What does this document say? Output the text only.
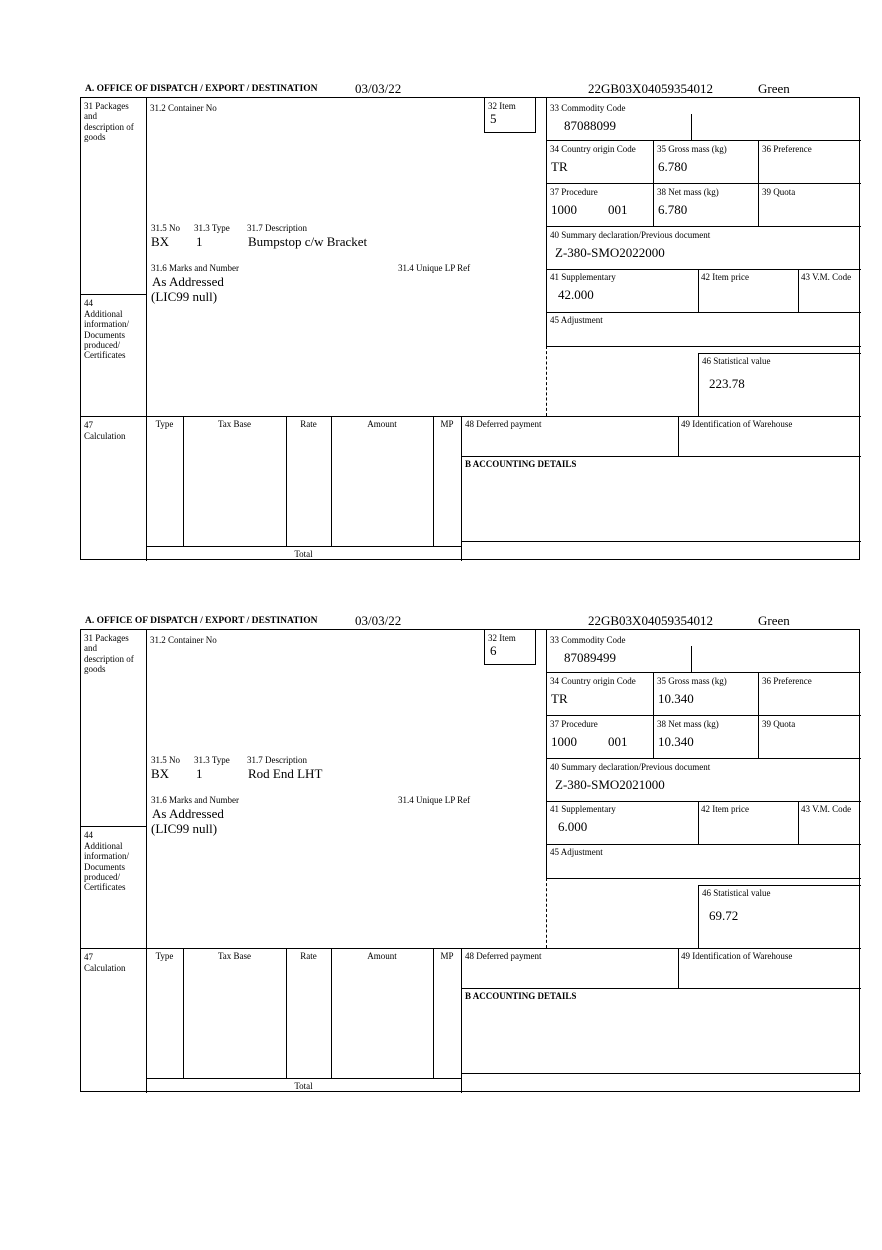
A. OFFICE OF DISPATCH / EXPORT / DESTINATION	03/03/22	22GB03X04059354012	Green
31 Packages and description of goods
44
Additional information/ Documents produced/ Certificates
47
Calculation
31.2 Container No	32 Item
5
33 Commodity Code
87088099
34 Country origin Code
TR
35 Gross mass (kg)
6.780
36 Preference
37 Procedure
1000 001
38 Net mass (kg)
6.780
39 Quota
40 Summary declaration/Previous document
Z-380-SMO2022000
41 Supplementary
42.000
42 Item price	43 V.M. Code
45 Adjustment
46 Statistical value
223.78
31.5 No 31.3 Type 31.7 Description
BX 1	Bumpstop c/w Bracket
31.6 Marks and Number	31.4 Unique LP Ref
As Addressed
(LIC99 null)
Type	Tax Base	Rate	Amount	MP
Total
48 Deferred payment	49 Identification of Warehouse
B ACCOUNTING DETAILS
A. OFFICE OF DISPATCH / EXPORT / DESTINATION	03/03/22	22GB03X04059354012	Green
31 Packages and description of goods
44
Additional information/ Documents produced/ Certificates
47
Calculation
31.2 Container No	32 Item
6
33 Commodity Code
87089499
34 Country origin Code
TR
35 Gross mass (kg)
10.340
36 Preference
37 Procedure
1000 001
38 Net mass (kg)
10.340
39 Quota
40 Summary declaration/Previous document
Z-380-SMO2021000
41 Supplementary
6.000
42 Item price	43 V.M. Code
45 Adjustment
46 Statistical value
69.72
31.5 No 31.3 Type 31.7 Description
BX 1	Rod End LHT
31.6 Marks and Number	31.4 Unique LP Ref
As Addressed
(LIC99 null)
Type	Tax Base	Rate	Amount	MP
Total
48 Deferred payment	49 Identification of Warehouse
B ACCOUNTING DETAILS
